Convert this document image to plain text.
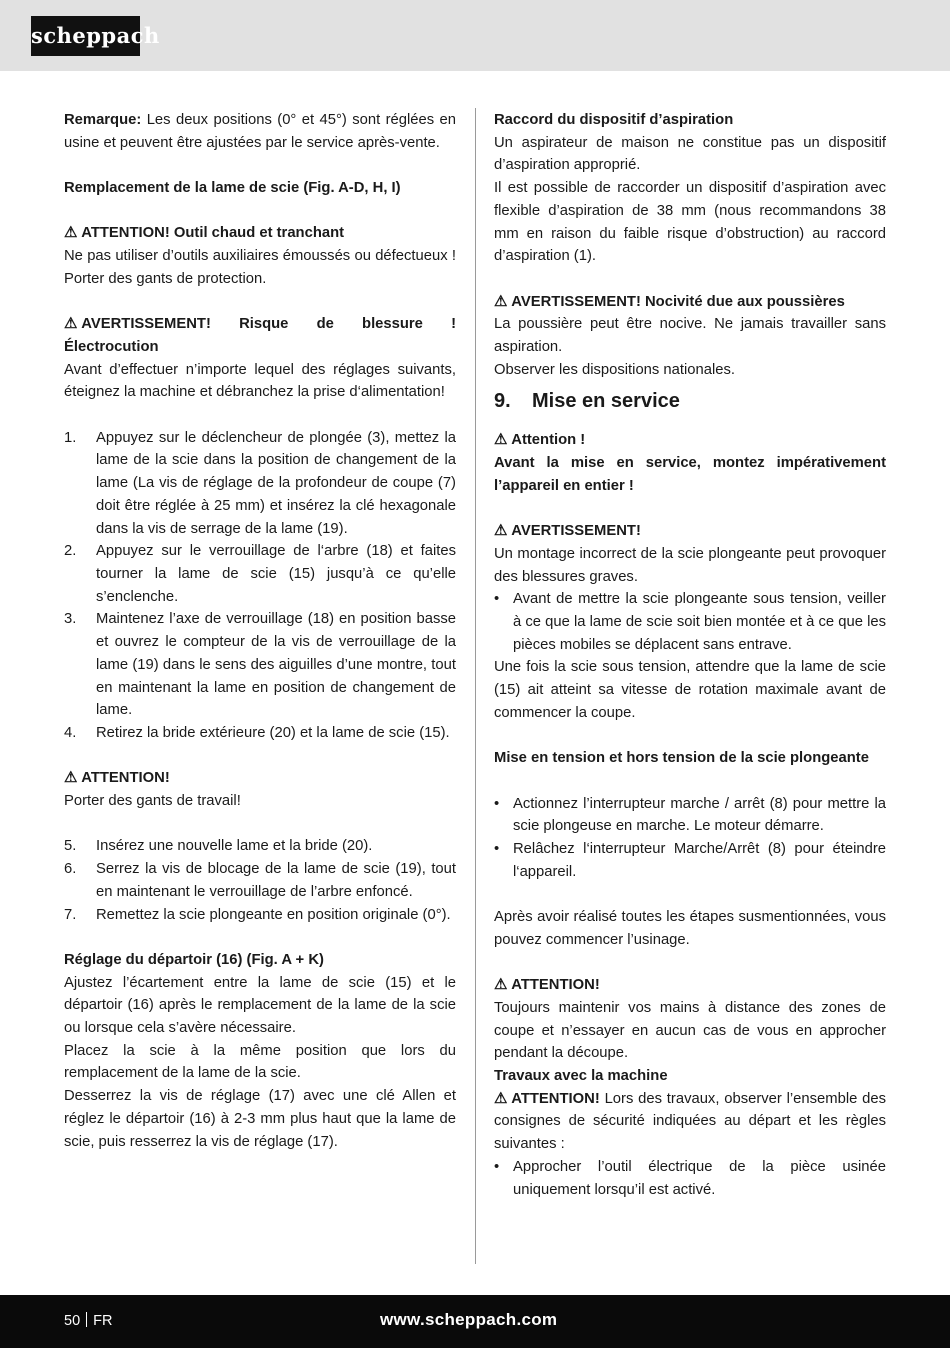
scheppach

Remarque: Les deux positions (0° et 45°) sont réglées en usine et peuvent être ajustées par le service après-vente.

Remplacement de la lame de scie (Fig. A-D, H, I)

⚠ ATTENTION! Outil chaud et tranchant

Ne pas utiliser d’outils auxiliaires émoussés ou défectueux ! Porter des gants de protection.

⚠ AVERTISSEMENT! Risque de blessure ! Électrocution

Avant d’effectuer n’importe lequel des réglages suivants, éteignez la machine et débranchez la prise d‘alimentation!

1.	Appuyez sur le déclencheur de plongée (3), mettez la lame de la scie dans la position de changement de la lame (La vis de réglage de la profondeur de coupe (7) doit être réglée à 25 mm) et insérez la clé hexagonale dans la vis de serrage de la lame (19).
2.	Appuyez sur le verrouillage de l‘arbre (18) et faites tourner la lame de scie (15) jusqu’à ce qu’elle s’enclenche.
3.	Maintenez l’axe de verrouillage (18) en position basse et ouvrez le compteur de la vis de verrouillage de la lame (19) dans le sens des aiguilles d’une montre, tout en maintenant la lame en position de changement de lame.
4.	Retirez la bride extérieure (20) et la lame de scie (15).

⚠ ATTENTION!

Porter des gants de travail!

5.	Insérez une nouvelle lame et la bride (20).
6.	Serrez la vis de blocage de la lame de scie (19), tout en maintenant le verrouillage de l’arbre enfoncé.
7.	Remettez la scie plongeante en position originale (0°).

Réglage du départoir (16) (Fig. A + K)

Ajustez l’écartement entre la lame de scie (15) et le départoir (16) après le remplacement de la lame de la scie ou lorsque cela s’avère nécessaire.

Placez la scie à la même position que lors du remplacement de la lame de la scie.

Desserrez la vis de réglage (17) avec une clé Allen et réglez le départoir (16) à 2-3 mm plus haut que la lame de scie, puis resserrez la vis de réglage (17).

Raccord du dispositif d’aspiration

Un aspirateur de maison ne constitue pas un dispositif d’aspiration approprié.

Il est possible de raccorder un dispositif d’aspiration avec flexible d’aspiration de 38 mm (nous recommandons 38 mm en raison du faible risque d’obstruction) au raccord d’aspiration (1).

⚠ AVERTISSEMENT! Nocivité due aux poussières

La poussière peut être nocive. Ne jamais travailler sans aspiration.

Observer les dispositions nationales.

9. Mise en service

⚠ Attention !

Avant la mise en service, montez impérativement l’appareil en entier !

⚠ AVERTISSEMENT!

Un montage incorrect de la scie plongeante peut provoquer des blessures graves.

• Avant de mettre la scie plongeante sous tension, veiller à ce que la lame de scie soit bien montée et à ce que les pièces mobiles se déplacent sans entrave.

Une fois la scie sous tension, attendre que la lame de scie (15) ait atteint sa vitesse de rotation maximale avant de commencer la coupe.

Mise en tension et hors tension de la scie plongeante

• Actionnez l’interrupteur marche / arrêt (8) pour mettre la scie plongeuse en marche. Le moteur démarre.
• Relâchez l‘interrupteur Marche/Arrêt (8) pour éteindre l‘appareil.

Après avoir réalisé toutes les étapes susmentionnées, vous pouvez commencer l’usinage.

⚠ ATTENTION!

Toujours maintenir vos mains à distance des zones de coupe et n’essayer en aucun cas de vous en approcher pendant la découpe.

Travaux avec la machine

⚠ ATTENTION! Lors des travaux, observer l’ensemble des consignes de sécurité indiquées au départ et les règles suivantes :

• Approcher l’outil électrique de la pièce usinée uniquement lorsqu’il est activé.
50 FR	www.scheppach.com
